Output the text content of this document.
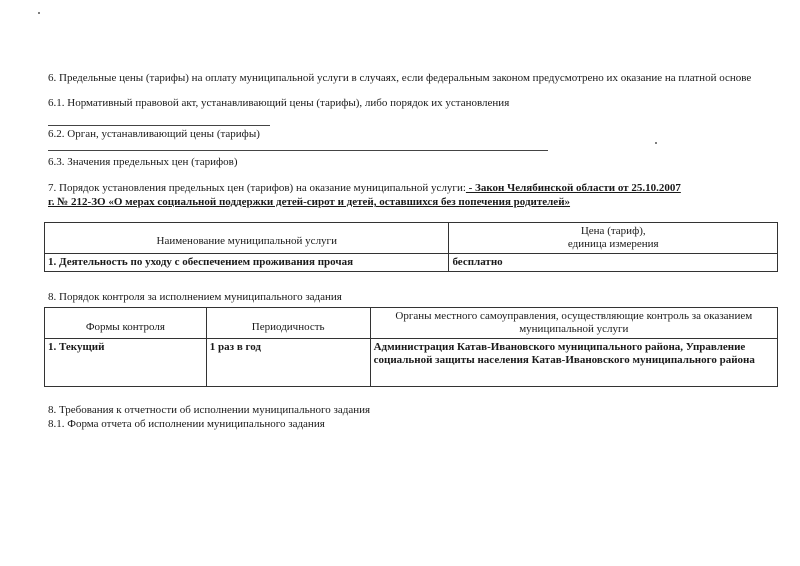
6. Предельные цены (тарифы) на оплату муниципальной услуги в случаях, если федеральным законом предусмотрено их оказание на платной основе
6.1. Нормативный правовой акт, устанавливающий цены (тарифы), либо порядок их установления
6.2. Орган, устанавливающий цены (тарифы)
6.3. Значения предельных цен (тарифов)
7. Порядок установления предельных цен (тарифов) на оказание муниципальной услуги: - Закон Челябинской области от 25.10.2007
г. № 212-ЗО «О мерах социальной поддержки детей-сирот и детей, оставшихся без попечения родителей»
Наименование муниципальной услуги	Цена (тариф),
единица измерения
1. Деятельность по уходу с обеспечением проживания прочая	бесплатно
8. Порядок контроля за исполнением муниципального задания
Формы контроля	Периодичность	Органы местного самоуправления, осуществляющие контроль за оказанием муниципальной услуги
1. Текущий	1 раз в год	Администрация Катав-Ивановского муниципального района, Управление социальной защиты населения Катав-Ивановского муниципального района
8. Требования к отчетности об исполнении муниципального задания
8.1. Форма отчета об исполнении муниципального задания
